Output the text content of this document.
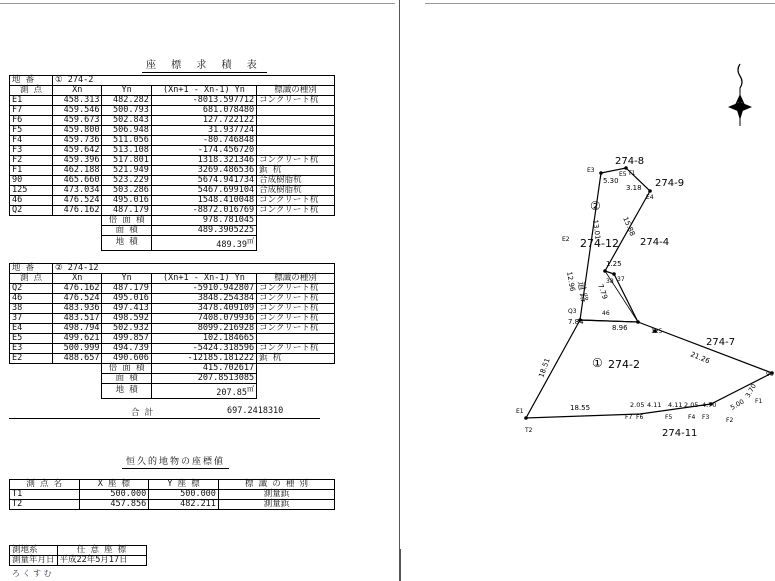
座 標 求 積 表
地 番	① 274-2			
測 点	Xn	Yn	(Xn+1 - Xn-1) Yn	標識の種別
E1	458.313	482.282	-8013.597712	コンクリート杭
F7	459.546	500.793	681.078480	
F6	459.673	502.843	127.722122	
F5	459.800	506.948	31.937724	
F4	459.736	511.056	-80.746848	
F3	459.642	513.108	-174.456720	
F2	459.396	517.801	1318.321346	コンクリート杭
F1	462.188	521.949	3269.486536	鋲 杭
90	465.660	523.229	5674.941734	合成樹脂杭
125	473.034	503.286	5467.699104	合成樹脂杭
46	476.524	495.016	1548.410048	コンクリート杭
Q2	476.162	487.179	-8872.016769	コンクリート杭
		倍 面 積	978.781045	
		面 積	489.3905225	
		地 積	489.39㎡	
地 番	② 274-12			
測 点	Xn	Yn	(Xn+1 - Xn-1) Yn	標識の種別
Q2	476.162	487.179	-5910.942807	コンクリート杭
46	476.524	495.016	3848.254384	コンクリート杭
38	483.936	497.413	3478.409109	コンクリート杭
37	483.517	498.592	7408.079936	コンクリート杭
E4	498.794	502.932	8099.216928	コンクリート杭
E5	499.621	499.857	102.184665	
E3	500.999	494.739	-5424.318596	コンクリート杭
E2	488.657	490.606	-12185.181222	鋲 杭
		倍 面 積	415.702617	
		面 積	207.8513085	
		地 積	207.85㎡	
合 計	697.2418310
恒久的地物の座標値
測 点 名	X 座 標	Y 座 標	標 識 の 種 別
T1	500.000	500.000	測量鋲
T2	457.856	482.211	測量鋲
測地系	任 意 座 標
測量年月日	平成22年5月17日
ろ く す む
274-8
274-9
274-4
274-7
274-11
②
274-12
① 274-2
道 路
E3
E5 T1
E4
E2
38 37
46
125
Q3
E1
T2
F7 F6	F5	F4 F3	F2
F1
90
5.30
3.18
13.01	15.88
12.96
1.25
7.79
7.84
8.96
21.26
18.51
18.55	2.05 4.11 4.11 2.05 4.70 5.00
3.70
